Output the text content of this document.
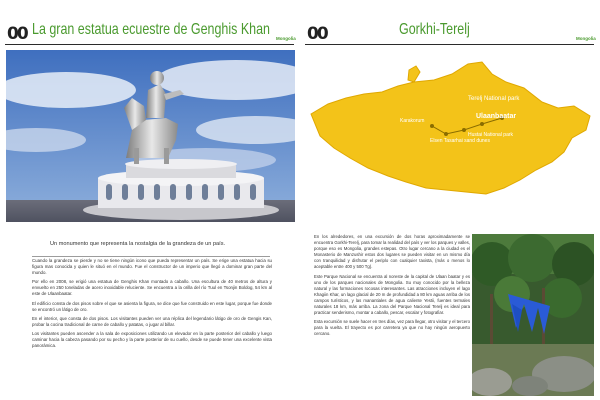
00 La gran estatua ecuestre de Genghis Khan
Mongolia
Un monumento que representa la nostalgia de la grandeza de un país.

Cuando la grandeza se pierde y no se tiene ningún icono que pueda representar un país. Se erige una estatua hacia su figura mas conocida y quien le situó en el mundo. Fue el constructor de un imperio que llegó a dominar gran parte del mundo.

Por ello en 2008, se erigió una estatua de Genghis Khan montado a caballo. Una escultura de 40 metros de altura y envuelto en 250 toneladas de acero inoxidable reluciente. Se encuentra a la orilla del río Tuul en Tsonjin Boldog, 54 km al este de Ulaanbaatar.

El edificio consta de dos pisos sobre el que se asienta la figura, se dice que fue construido en este lugar, porque fue donde se encontró un látigo de oro.

En el interior, que consta de dos pisos. Los visitantes pueden ver una réplica del legendario látigo de oro de Gengis Kan, probar la cocina tradicional de carne de caballo y patatas, o jugar al billar.

Los visitantes pueden ascender a la sala de exposiciones utilizando un elevador en la parte posterior del caballo y luego caminar hacia la cabeza pasando por su pecho y la parte posterior de su cuello, desde se puede tener una excelente vista panorámica.

00	Gorkhi-Terelj
Mongolia
Terelj National park
Ulaanbaatar
Karakorum
Elsen Tasarhai sand dunes
Hustai National park

En los alrededores, en una excursión de dos horas aproximadamente se encuentra Gorkhi-Terelj, para tomar la realidad del país y ver los parques y valles, porque eso es Mongolia, grandes estepas. Otro lugar cercano a la ciudad es el Monasterio de Manzushir estos dos lugares se pueden visitar en un mismo día con tranquilidad y disfrutar el periplo con cualquier taxista, (más o menos lo aceptable entre 400 y 500 Tg).

Este Parque Nacional se encuentra al noreste de la capital de Ulaan baatar y es uno de los parques nacionales de Mongolia. Su muy conocido por la belleza natural y las formaciones rocosas interesantes. Las atracciones incluyen el lago Khagiin Khar, un lago glacial de 20 m de profundidad a 80 km aguas arriba de los campos turísticos, y las manantiales de agua caliente Yestii, fuentes termales naturales 18 km, más arriba. La zona del Parque Nacional Terelj es ideal para practicar senderismo, montar a caballo, pescar, escalar y fotografiar.

Esta excursión se suele hacer en tres días, vez para llegar, otro visitar y el tercero para la vuelta. El trayecto es por carretera ya que no hay ningún aeropuerto cercano.
